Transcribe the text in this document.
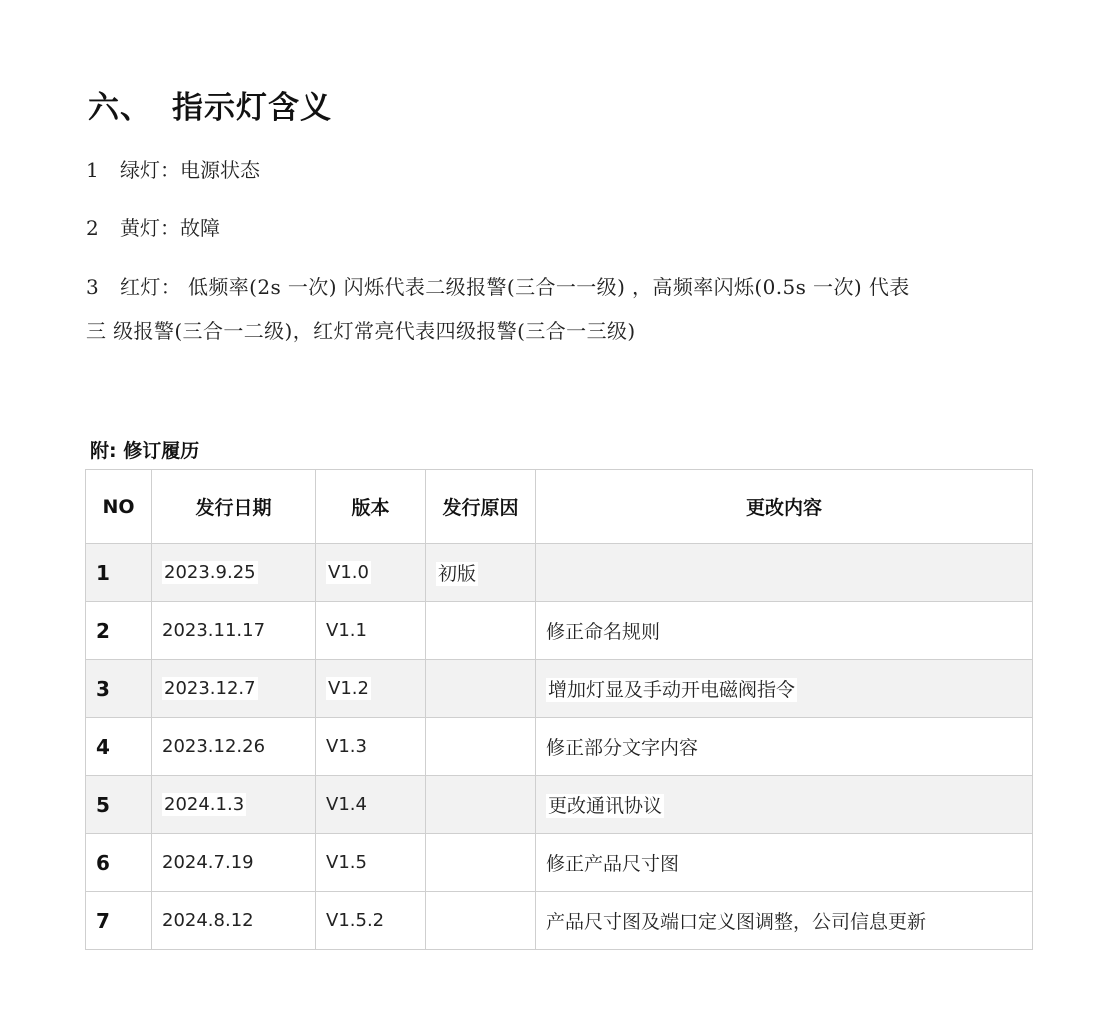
六、 指示灯含义
1 绿灯：电源状态
2 黄灯：故障
3 红灯： 低频率(2s 一次) 闪烁代表二级报警(三合一一级) ，高频率闪烁(0.5s 一次) 代表
三 级报警(三合一二级)，红灯常亮代表四级报警(三合一三级)
附: 修订履历
NO	发行日期	版本	发行原因	更改内容
1	2023.9.25	V1.0	初版	
2	2023.11.17	V1.1		修正命名规则
3	2023.12.7	V1.2		增加灯显及手动开电磁阀指令
4	2023.12.26	V1.3		修正部分文字内容
5	2024.1.3	V1.4		更改通讯协议
6	2024.7.19	V1.5		修正产品尺寸图
7	2024.8.12	V1.5.2		产品尺寸图及端口定义图调整，公司信息更新
